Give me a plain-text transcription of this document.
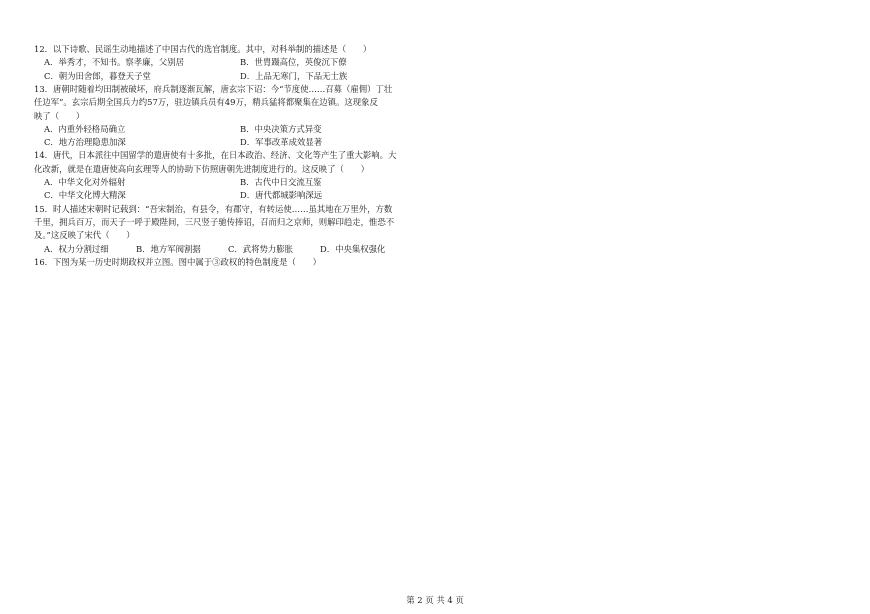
12．以下诗歌、民谣生动地描述了中国古代的选官制度。其中，对科举制的描述是（　　）
A．举秀才，不知书。察孝廉，父别居	B．世胄蹑高位，英俊沉下僚
C．朝为田舍郎，暮登天子堂	D．上品无寒门，下品无士族
13．唐朝时随着均田制被破坏，府兵制逐渐瓦解，唐玄宗下诏：今“节度使……召募（雇佣）丁壮
任边军”。玄宗后期全国兵力约57万，驻边镇兵员有49万，精兵猛将都聚集在边镇。这现象反
映了（　　）
A．内重外轻格局确立	B．中央决策方式异变
C．地方治理隐患加深	D．军事改革成效显著
14．唐代，日本派往中国留学的遣唐使有十多批，在日本政治、经济、文化等产生了重大影响。大
化改新，就是在遣唐使高向玄理等人的协助下仿照唐朝先进制度进行的。这反映了（　　）
A．中华文化对外辐射	B．古代中日交流互鉴
C．中华文化博大精深	D．唐代都城影响深远
15．时人描述宋朝时记载到：“吾宋制治，有县令，有郡守，有转运使……虽其地在万里外，方数
千里，拥兵百万，而天子一呼于殿陛间，三尺竖子驰传捧诏，召而归之京师，则解印趋走，惟恐不
及。”这反映了宋代（　　）
A．权力分割过细	B．地方军阀割据	C．武将势力膨胀	D．中央集权强化
16．下图为某一历史时期政权并立图。图中属于③政权的特色制度是（　　）
第 2 页 共 4 页
